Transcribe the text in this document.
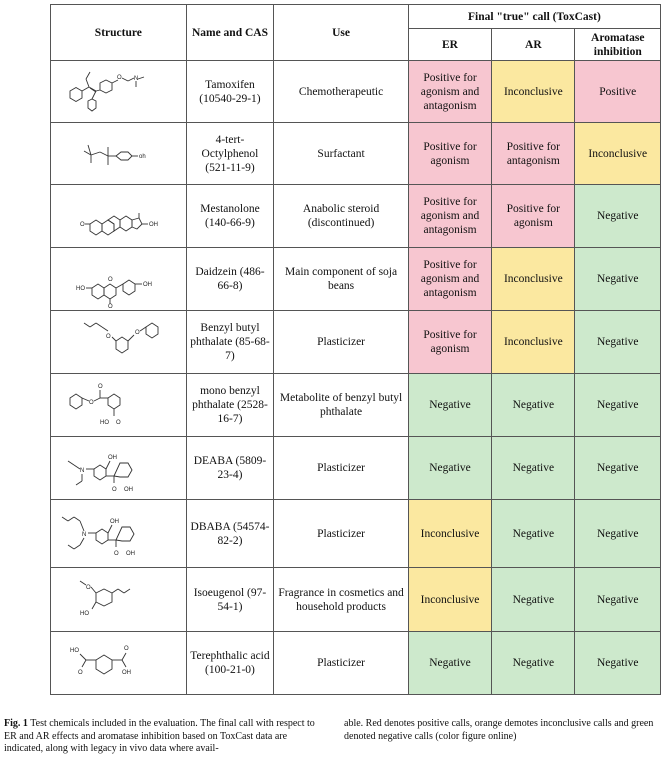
Structure	Name and CAS	Use	Final "true" call (ToxCast)		
			ER	AR	Aromatase inhibition

O N	Tamoxifen (10540-29-1)	Chemotherapeutic	Positive for agonism and antagonism	Inconclusive	Positive

oh	4-tert-Octylphenol (521-11-9)	Surfactant	Positive for agonism	Positive for antagonism	Inconclusive

O OH	Mestanolone (140-66-9)	Anabolic steroid (discontinued)	Positive for agonism and antagonism	Positive for agonism	Negative

HO
O
O
OH	Daidzein (486-66-8)	Main component of soja beans	Positive for agonism and antagonism	Inconclusive	Negative

O
O	Benzyl butyl phthalate (85-68-7)	Plasticizer	Positive for agonism	Inconclusive	Negative

O
O
HO O	mono benzyl phthalate (2528-16-7)	Metabolite of benzyl butyl phthalate	Negative	Negative	Negative

N
OH
O OH	DEABA (5809-23-4)	Plasticizer	Negative	Negative	Negative

N
OH
O OH	DBABA (54574-82-2)	Plasticizer	Inconclusive	Negative	Negative

O
HO	Isoeugenol (97-54-1)	Fragrance in cosmetics and household products	Inconclusive	Negative	Negative

HO
O
O
OH	Terephthalic acid (100-21-0)	Plasticizer	Negative	Negative	Negative
Fig. 1 Test chemicals included in the evaluation. The final call with respect to ER and AR effects and aromatase inhibition based on ToxCast data are indicated, along with legacy in vivo data where avail-
able. Red denotes positive calls, orange demotes inconclusive calls and green denoted negative calls (color figure online)
